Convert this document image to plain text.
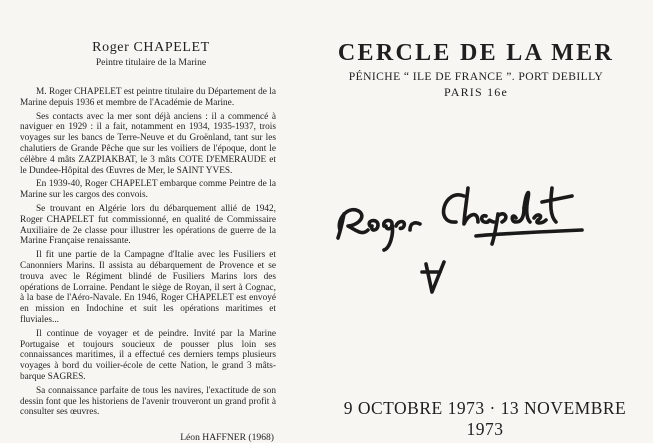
Roger CHAPELET
Peintre titulaire de la Marine

M. Roger CHAPELET est peintre titulaire du Département de la Marine depuis 1936 et membre de l'Académie de Marine.

Ses contacts avec la mer sont déjà anciens : il a commencé à naviguer en 1929 : il a fait, notamment en 1934, 1935-1937, trois voyages sur les bancs de Terre-Neuve et du Groënland, tant sur les chalutiers de Grande Pêche que sur les voiliers de l'époque, dont le célèbre 4 mâts ZAZPIAKBAT, le 3 mâts COTE D'EMERAUDE et le Dundee-Hôpital des Œuvres de Mer, le SAINT YVES.

En 1939-40, Roger CHAPELET embarque comme Peintre de la Marine sur les cargos des convois.

Se trouvant en Algérie lors du débarquement allié de 1942, Roger CHAPELET fut commissionné, en qualité de Commissaire Auxiliaire de 2e classe pour illustrer les opérations de guerre de la Marine Française renaissante.

Il fit une partie de la Campagne d'Italie avec les Fusiliers et Canonniers Marins. Il assista au débarquement de Provence et se trouva avec le Régiment blindé de Fusiliers Marins lors des opérations de Lorraine. Pendant le siège de Royan, il sert à Cognac, à la base de l'Aéro-Navale. En 1946, Roger CHAPELET est envoyé en mission en Indochine et suit les opérations maritimes et fluviales...

Il continue de voyager et de peindre. Invité par la Marine Portugaise et toujours soucieux de pousser plus loin ses connaissances maritimes, il a effectué ces derniers temps plusieurs voyages à bord du voilier-école de cette Nation, le grand 3 mâts-barque SAGRES.

Sa connaissance parfaite de tous les navires, l'exactitude de son dessin font que les historiens de l'avenir trouveront un grand profit à consulter ses œuvres.

Léon HAFFNER (1968)
CERCLE DE LA MER
PÉNICHE “ ILE DE FRANCE ”. PORT DEBILLY
PARIS 16e
9 OCTOBRE 1973 · 13 NOVEMBRE 1973
